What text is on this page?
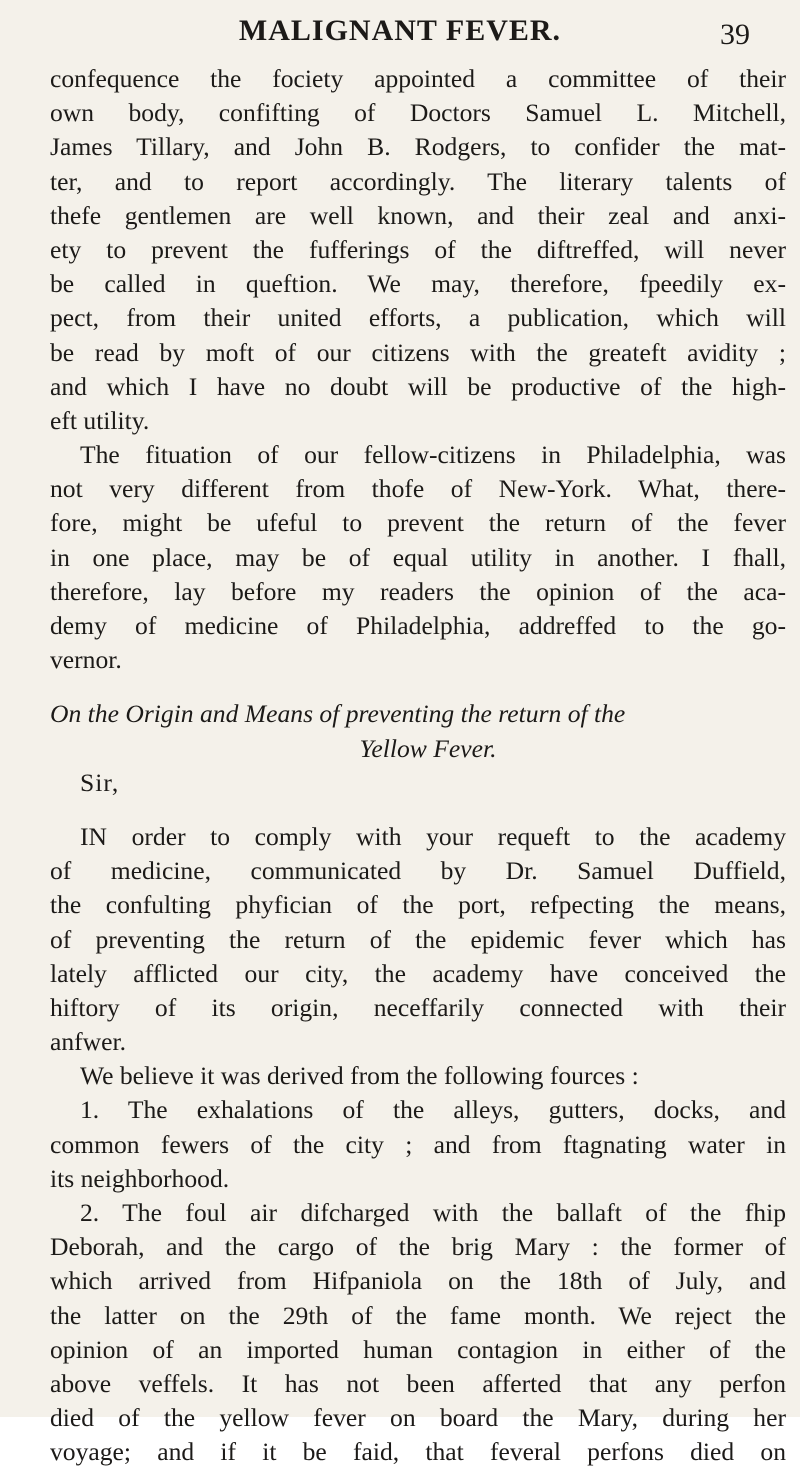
MALIGNANT FEVER.	39
confequence the fociety appointed a committee of their
own body, confifting of Doctors Samuel L. Mitchell,
James Tillary, and John B. Rodgers, to confider the mat-
ter, and to report accordingly. The literary talents of
thefe gentlemen are well known, and their zeal and anxi-
ety to prevent the fufferings of the diftreffed, will never
be called in queftion. We may, therefore, fpeedily ex-
pect, from their united efforts, a publication, which will
be read by moft of our citizens with the greateft avidity ;
and which I have no doubt will be productive of the high-
eft utility.
The fituation of our fellow-citizens in Philadelphia, was
not very different from thofe of New-York. What, there-
fore, might be ufeful to prevent the return of the fever
in one place, may be of equal utility in another. I fhall,
therefore, lay before my readers the opinion of the aca-
demy of medicine of Philadelphia, addreffed to the go-
vernor.
On the Origin and Means of preventing the return of the
Yellow Fever.
Sir,
IN order to comply with your requeft to the academy
of medicine, communicated by Dr. Samuel Duffield,
the confulting phyfician of the port, refpecting the means,
of preventing the return of the epidemic fever which has
lately afflicted our city, the academy have conceived the
hiftory of its origin, neceffarily connected with their
anfwer.
We believe it was derived from the following fources :
1. The exhalations of the alleys, gutters, docks, and
common fewers of the city ; and from ftagnating water in
its neighborhood.
2. The foul air difcharged with the ballaft of the fhip
Deborah, and the cargo of the brig Mary : the former of
which arrived from Hifpaniola on the 18th of July, and
the latter on the 29th of the fame month. We reject the
opinion of an imported human contagion in either of the
above veffels. It has not been afferted that any perfon
died of the yellow fever on board the Mary, during her
voyage; and if it be faid, that feveral perfons died on
